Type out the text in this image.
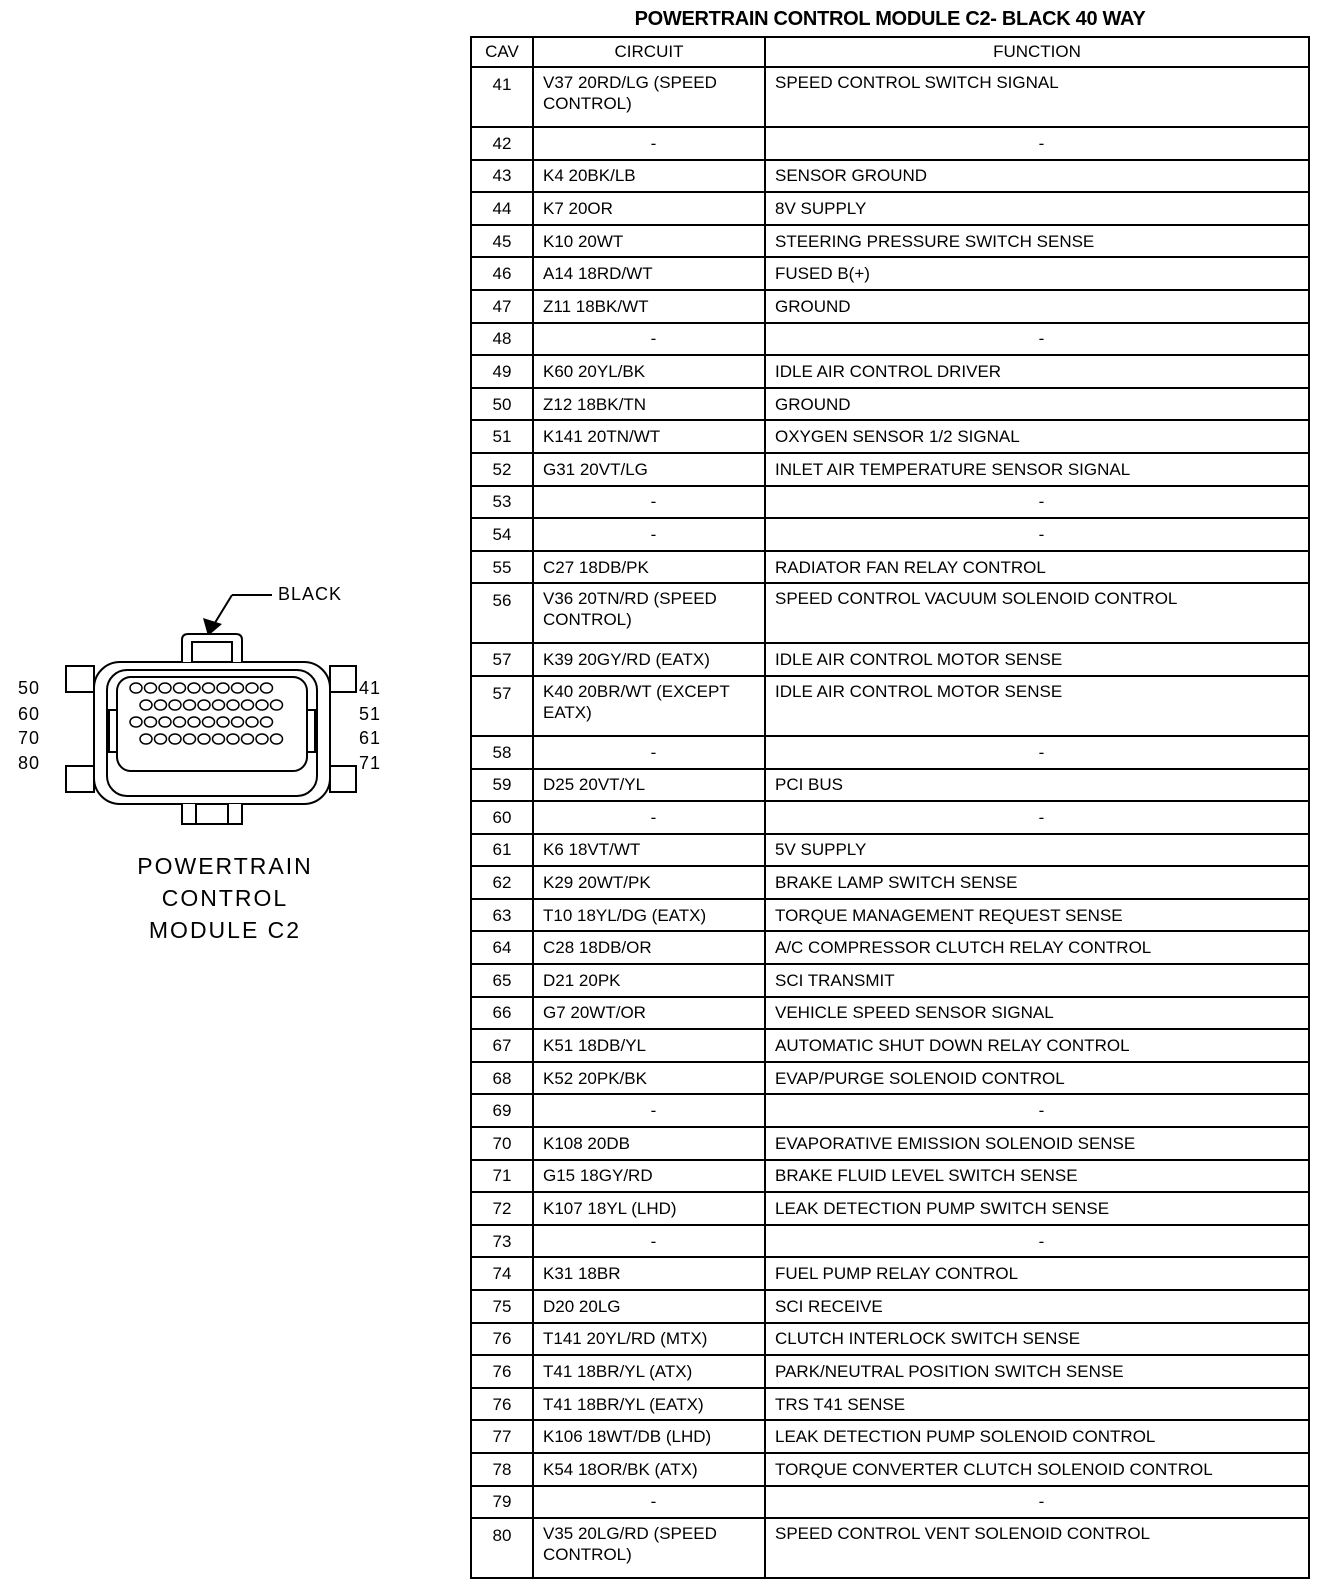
POWERTRAIN CONTROL MODULE C2- BLACK 40 WAY
CAV	CIRCUIT	FUNCTION
41	V37 20RD/LG (SPEED CONTROL)	SPEED CONTROL SWITCH SIGNAL
42	-	-
43	K4 20BK/LB	SENSOR GROUND
44	K7 20OR	8V SUPPLY
45	K10 20WT	STEERING PRESSURE SWITCH SENSE
46	A14 18RD/WT	FUSED B(+)
47	Z11 18BK/WT	GROUND
48	-	-
49	K60 20YL/BK	IDLE AIR CONTROL DRIVER
50	Z12 18BK/TN	GROUND
51	K141 20TN/WT	OXYGEN SENSOR 1/2 SIGNAL
52	G31 20VT/LG	INLET AIR TEMPERATURE SENSOR SIGNAL
53	-	-
54	-	-
55	C27 18DB/PK	RADIATOR FAN RELAY CONTROL
56	V36 20TN/RD (SPEED CONTROL)	SPEED CONTROL VACUUM SOLENOID CONTROL
57	K39 20GY/RD (EATX)	IDLE AIR CONTROL MOTOR SENSE
57	K40 20BR/WT (EXCEPT EATX)	IDLE AIR CONTROL MOTOR SENSE
58	-	-
59	D25 20VT/YL	PCI BUS
60	-	-
61	K6 18VT/WT	5V SUPPLY
62	K29 20WT/PK	BRAKE LAMP SWITCH SENSE
63	T10 18YL/DG (EATX)	TORQUE MANAGEMENT REQUEST SENSE
64	C28 18DB/OR	A/C COMPRESSOR CLUTCH RELAY CONTROL
65	D21 20PK	SCI TRANSMIT
66	G7 20WT/OR	VEHICLE SPEED SENSOR SIGNAL
67	K51 18DB/YL	AUTOMATIC SHUT DOWN RELAY CONTROL
68	K52 20PK/BK	EVAP/PURGE SOLENOID CONTROL
69	-	-
70	K108 20DB	EVAPORATIVE EMISSION SOLENOID SENSE
71	G15 18GY/RD	BRAKE FLUID LEVEL SWITCH SENSE
72	K107 18YL (LHD)	LEAK DETECTION PUMP SWITCH SENSE
73	-	-
74	K31 18BR	FUEL PUMP RELAY CONTROL
75	D20 20LG	SCI RECEIVE
76	T141 20YL/RD (MTX)	CLUTCH INTERLOCK SWITCH SENSE
76	T41 18BR/YL (ATX)	PARK/NEUTRAL POSITION SWITCH SENSE
76	T41 18BR/YL (EATX)	TRS T41 SENSE
77	K106 18WT/DB (LHD)	LEAK DETECTION PUMP SOLENOID CONTROL
78	K54 18OR/BK (ATX)	TORQUE CONVERTER CLUTCH SOLENOID CONTROL
79	-	-
80	V35 20LG/RD (SPEED CONTROL)	SPEED CONTROL VENT SOLENOID CONTROL
BLACK
50
60
70
80
41
51
61
71
POWERTRAIN
CONTROL
MODULE C2
